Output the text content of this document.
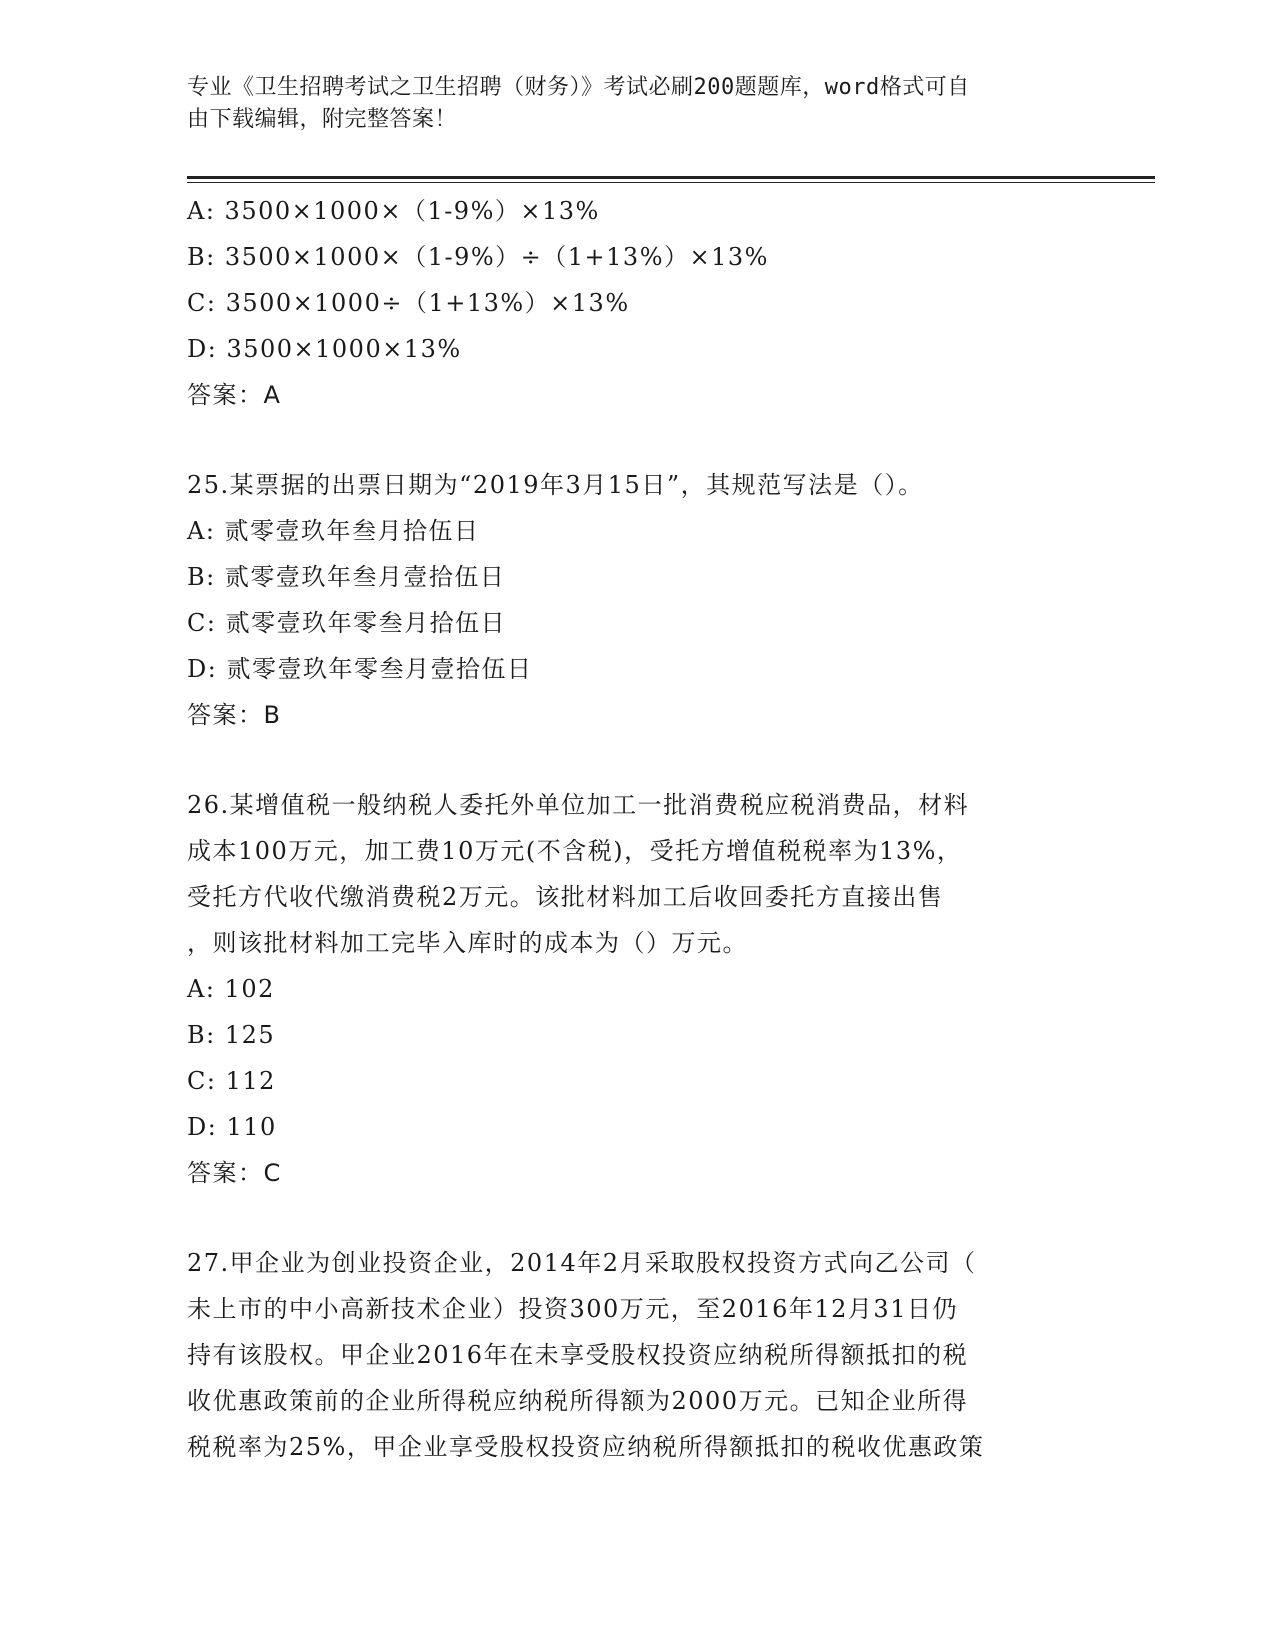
专业《卫生招聘考试之卫生招聘（财务）》考试必刷200题题库，word格式可自
由下载编辑，附完整答案！
A: 3500×1000×（1-9%）×13%
B: 3500×1000×（1-9%）÷（1+13%）×13%
C: 3500×1000÷（1+13%）×13%
D: 3500×1000×13%
答案：A
25.某票据的出票日期为“2019年3月15日”，其规范写法是（）。
A: 贰零壹玖年叁月拾伍日
B: 贰零壹玖年叁月壹拾伍日
C: 贰零壹玖年零叁月拾伍日
D: 贰零壹玖年零叁月壹拾伍日
答案：B
26.某增值税一般纳税人委托外单位加工一批消费税应税消费品，材料
成本100万元，加工费10万元(不含税)，受托方增值税税率为13%，
受托方代收代缴消费税2万元。该批材料加工后收回委托方直接出售
，则该批材料加工完毕入库时的成本为（）万元。
A: 102
B: 125
C: 112
D: 110
答案：C
27.甲企业为创业投资企业，2014年2月采取股权投资方式向乙公司（
未上市的中小高新技术企业）投资300万元，至2016年12月31日仍
持有该股权。甲企业2016年在未享受股权投资应纳税所得额抵扣的税
收优惠政策前的企业所得税应纳税所得额为2000万元。已知企业所得
税税率为25%，甲企业享受股权投资应纳税所得额抵扣的税收优惠政策
